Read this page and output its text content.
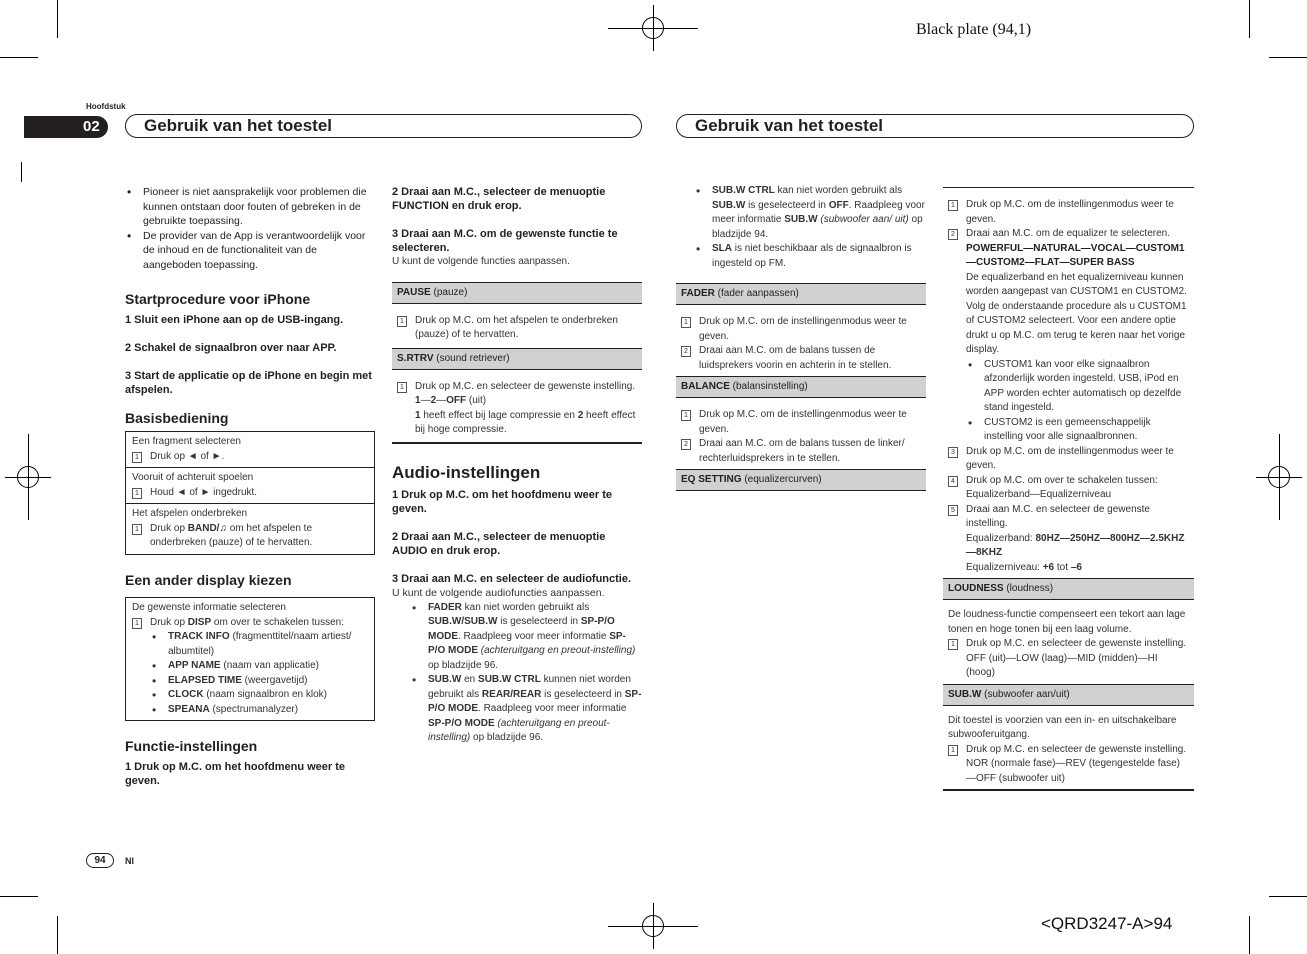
Black plate (94,1)
Hoofdstuk
02	Gebruik van het toestel	Gebruik van het toestel

• Pioneer is niet aansprakelijk voor problemen die kunnen ontstaan door fouten of gebreken in de gebruikte toepassing.

• De provider van de App is verantwoordelijk voor de inhoud en de functionaliteit van de aangeboden toepassing.

Startprocedure voor iPhone

1 Sluit een iPhone aan op de USB-ingang.

2 Schakel de signaalbron over naar APP.

3 Start de applicatie op de iPhone en begin met afspelen.

Basisbediening

Een fragment selecteren
1	Druk op ◄ of ►.
Vooruit of achteruit spoelen
1	Houd ◄ of ► ingedrukt.
Het afspelen onderbreken
1	Druk op BAND/♫ om het afspelen te onderbreken (pauze) of te hervatten.

Een ander display kiezen

De gewenste informatie selecteren
1	Druk op DISP om over te schakelen tussen:
• TRACK INFO (fragmenttitel/naam artiest/ albumtitel)
• APP NAME (naam van applicatie)
• ELAPSED TIME (weergavetijd)
• CLOCK (naam signaalbron en klok)
• SPEANA (spectrumanalyzer)

Functie-instellingen

1 Druk op M.C. om het hoofdmenu weer te geven.

2 Draai aan M.C., selecteer de menuoptie FUNCTION en druk erop.

3 Draai aan M.C. om de gewenste functie te selecteren.

U kunt de volgende functies aanpassen.

PAUSE (pauze)
1	Druk op M.C. om het afspelen te onderbreken (pauze) of te hervatten.
S.RTRV (sound retriever)
1	Druk op M.C. en selecteer de gewenste instelling.
1—2—OFF (uit)
1 heeft effect bij lage compressie en 2 heeft effect bij hoge compressie.

Audio-instellingen

1 Druk op M.C. om het hoofdmenu weer te geven.

2 Draai aan M.C., selecteer de menuoptie AUDIO en druk erop.

3 Draai aan M.C. en selecteer de audiofunctie.

U kunt de volgende audiofuncties aanpassen.

• FADER kan niet worden gebruikt als SUB.W/SUB.W is geselecteerd in SP-P/O MODE. Raadpleeg voor meer informatie SP-P/O MODE (achteruitgang en preout-instelling) op bladzijde 96.
• SUB.W en SUB.W CTRL kunnen niet worden gebruikt als REAR/REAR is geselecteerd in SP-P/O MODE. Raadpleeg voor meer informatie SP-P/O MODE (achteruitgang en preout-instelling) op bladzijde 96.
• SUB.W CTRL kan niet worden gebruikt als SUB.W is geselecteerd in OFF. Raadpleeg voor meer informatie SUB.W (subwoofer aan/ uit) op bladzijde 94.
• SLA is niet beschikbaar als de signaalbron is ingesteld op FM.
FADER (fader aanpassen)
1	Druk op M.C. om de instellingenmodus weer te geven.
2	Draai aan M.C. om de balans tussen de luidsprekers voorin en achterin in te stellen.
BALANCE (balansinstelling)
1	Druk op M.C. om de instellingenmodus weer te geven.
2	Draai aan M.C. om de balans tussen de linker/ rechterluidsprekers in te stellen.
EQ SETTING (equalizercurven)
1	Druk op M.C. om de instellingenmodus weer te geven.
2	Draai aan M.C. om de equalizer te selecteren.
POWERFUL—NATURAL—VOCAL—CUSTOM1—CUSTOM2—FLAT—SUPER BASS
De equalizerband en het equalizerniveau kunnen worden aangepast van CUSTOM1 en CUSTOM2.
Volg de onderstaande procedure als u CUSTOM1 of CUSTOM2 selecteert. Voor een andere optie drukt u op M.C. om terug te keren naar het vorige display.
• CUSTOM1 kan voor elke signaalbron afzonderlijk worden ingesteld. USB, iPod en APP worden echter automatisch op dezelfde stand ingesteld.
• CUSTOM2 is een gemeenschappelijk instelling voor alle signaalbronnen.
3	Druk op M.C. om de instellingenmodus weer te geven.
4	Druk op M.C. om over te schakelen tussen:
Equalizerband—Equalizerniveau
5	Draai aan M.C. en selecteer de gewenste instelling.
Equalizerband: 80HZ—250HZ—800HZ—2.5KHZ—8KHZ
Equalizerniveau: +6 tot –6
LOUDNESS (loudness)
De loudness-functie compenseert een tekort aan lage tonen en hoge tonen bij een laag volume.
1	Druk op M.C. en selecteer de gewenste instelling.
OFF (uit)—LOW (laag)—MID (midden)—HI (hoog)
SUB.W (subwoofer aan/uit)
Dit toestel is voorzien van een in- en uitschakelbare subwooferuitgang.
1	Druk op M.C. en selecteer de gewenste instelling.
NOR (normale fase)—REV (tegengestelde fase)—OFF (subwoofer uit)
94	Nl
<QRD3247-A>94
